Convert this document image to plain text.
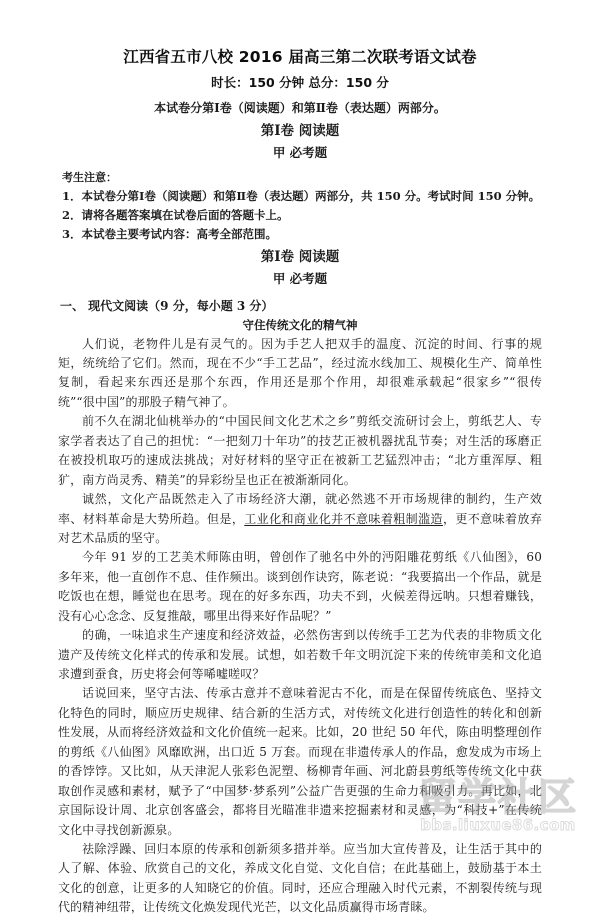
江西省五市八校 2016 届高三第二次联考语文试卷
时长：150 分钟 总分：150 分
本试卷分第Ⅰ卷（阅读题）和第Ⅱ卷（表达题）两部分。
第Ⅰ卷 阅读题
甲 必考题
考生注意：
1．本试卷分第Ⅰ卷（阅读题）和第Ⅱ卷（表达题）两部分，共 150 分。考试时间 150 分钟。
2．请将各题答案填在试卷后面的答题卡上。
3．本试卷主要考试内容：高考全部范围。
第Ⅰ卷 阅读题
甲 必考题
一、 现代文阅读（9 分，每小题 3 分）
守住传统文化的精气神

人们说，老物件儿是有灵气的。因为手艺人把双手的温度、沉淀的时间、行事的规矩，统统给了它们。然而，现在不少“手工艺品”，经过流水线加工、规模化生产、简单性复制，看起来东西还是那个东西，作用还是那个作用，却很难承载起“很家乡”“很传 统”“很中国”的那股子精气神了。

前不久在湖北仙桃举办的“中国民间文化艺术之乡”剪纸交流研讨会上，剪纸艺人、专家学者表达了自己的担忧：“一把刻刀十年功”的技艺正被机器扰乱节奏；对生活的琢磨正在被投机取巧的速成法挑战；对好材料的坚守正在被新工艺猛烈冲击；“北方重浑厚、粗犷，南方尚灵秀、精美”的异彩纷呈也正在被渐渐同化。

诚然，文化产品既然走入了市场经济大潮，就必然逃不开市场规律的制约，生产效率、材料革命是大势所趋。但是，工业化和商业化并不意味着粗制滥造，更不意味着放弃对艺术品质的坚守。

今年 91 岁的工艺美术师陈由明，曾创作了驰名中外的沔阳雕花剪纸《八仙图》，60 多年来，他一直创作不息、佳作频出。谈到创作诀窍，陈老说：“我要搞出一个作品，就是吃饭也在想，睡觉也在思考。现在的好多东西，功夫不到，火候差得远呐。只想着赚钱，没有心心念念、反复推敲，哪里出得来好作品呢？”

的确，一味追求生产速度和经济效益，必然伤害到以传统手工艺为代表的非物质文化遗产及传统文化样式的传承和发展。试想，如若数千年文明沉淀下来的传统审美和文化追求遭到蚕食，历史将会何等唏嘘嗟叹？

话说回来，坚守古法、传承古意并不意味着泥古不化，而是在保留传统底色、坚持文化特色的同时，顺应历史规律、结合新的生活方式，对传统文化进行创造性的转化和创新性发展，从而将经济效益和文化价值统一起来。比如，20 世纪 50 年代，陈由明整理创作的剪纸《八仙图》风靡欧洲，出口近 5 万套。而现在非遗传承人的作品，愈发成为市场上的香饽饽。又比如，从天津泥人张彩色泥塑、杨柳青年画、河北蔚县剪纸等传统文化中获取创作灵感和素材，赋予了“中国梦·梦系列”公益广告更强的生命力和吸引力。再比如，北京国际设计周、北京创客盛会，都将目光瞄准非遗来挖掘素材和灵感，为“科技+”在传统文化中寻找创新源泉。

祛除浮躁、回归本原的传承和创新须多措并举。应当加大宣传普及，让生活于其中的人了解、体验、欣赏自己的文化，养成文化自觉、文化自信；在此基础上，鼓励基于本土文化的创意，让更多的人知晓它的价值。同时，还应合理融入时代元素，不割裂传统与现代的精神纽带，让传统文化焕发现代光芒，以文化品质赢得市场青睐。

留学社区
bbs.liuxue86.com
